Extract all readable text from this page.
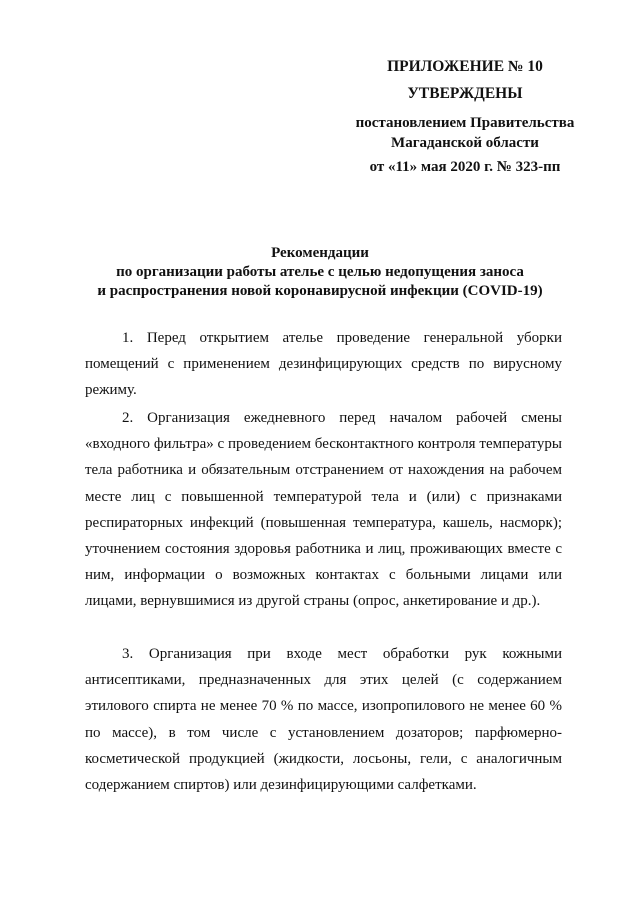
ПРИЛОЖЕНИЕ № 10
УТВЕРЖДЕНЫ
постановлением Правительства
Магаданской области
от «11» мая 2020 г. № 323-пп
Рекомендации
по организации работы ателье с целью недопущения заноса
и распространения новой коронавирусной инфекции (COVID-19)

1. Перед открытием ателье проведение генеральной уборки помещений с применением дезинфицирующих средств по вирусному режиму.

2. Организация ежедневного перед началом рабочей смены «входного фильтра» с проведением бесконтактного контроля температуры тела работника и обязательным отстранением от нахождения на рабочем месте лиц с повышенной температурой тела и (или) с признаками респираторных инфекций (повышенная температура, кашель, насморк); уточнением состояния здоровья работника и лиц, проживающих вместе с ним, информации о возможных контактах с больными лицами или лицами, вернувшимися из другой страны (опрос, анкетирование и др.).

3. Организация при входе мест обработки рук кожными антисептиками, предназначенных для этих целей (с содержанием этилового спирта не менее 70 % по массе, изопропилового не менее 60 % по массе), в том числе с установлением дозаторов; парфюмерно-косметической продукцией (жидкости, лосьоны, гели, с аналогичным содержанием спиртов) или дезинфицирующими салфетками.
